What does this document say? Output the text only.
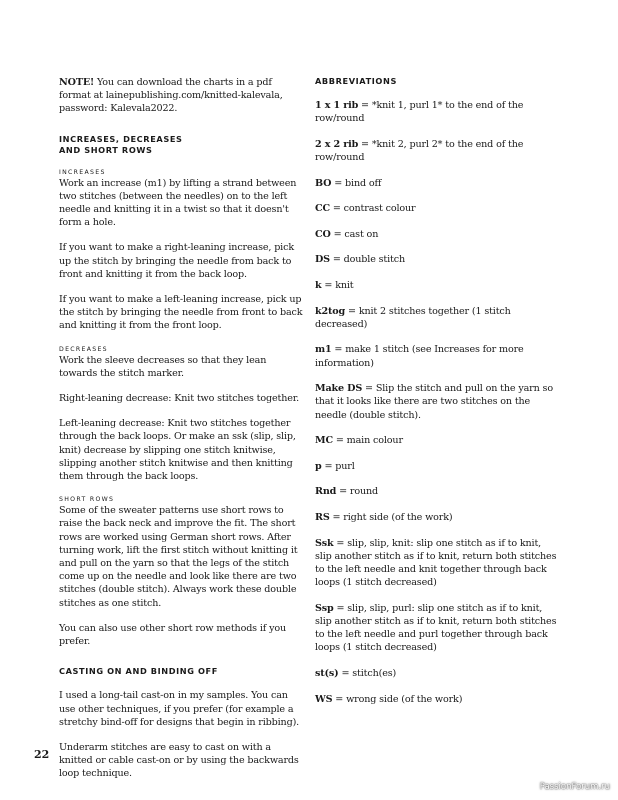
NOTE! You can download the charts in a pdf format at lainepublishing.com/knitted-kalevala, password: Kalevala2022.

INCREASES, DECREASES
AND SHORT ROWS
INCREASES

Work an increase (m1) by lifting a strand between two stitches (between the needles) on to the left needle and knitting it in a twist so that it doesn't form a hole.

If you want to make a right-leaning increase, pick up the stitch by bringing the needle from back to front and knitting it from the back loop.

If you want to make a left-leaning increase, pick up the stitch by bringing the needle from front to back and knitting it from the front loop.

DECREASES

Work the sleeve decreases so that they lean towards the stitch marker.

Right-leaning decrease: Knit two stitches together.

Left-leaning decrease: Knit two stitches together through the back loops. Or make an ssk (slip, slip, knit) decrease by slipping one stitch knitwise,

slipping another stitch knitwise and then knitting them through the back loops.

SHORT ROWS

Some of the sweater patterns use short rows to raise the back neck and improve the fit. The short rows are worked using German short rows. After turning work, lift the first stitch without knitting it and pull on the yarn so that the legs of the stitch come up on the needle and look like there are two stitches (double stitch). Always work these double stitches as one stitch.

You can also use other short row methods if you prefer.

CASTING ON AND BINDING OFF

I used a long-tail cast-on in my samples. You can use other techniques, if you prefer (for example a stretchy bind-off for designs that begin in ribbing).

Underarm stitches are easy to cast on with a knitted or cable cast-on or by using the backwards loop technique.

ABBREVIATIONS

1 x 1 rib = *knit 1, purl 1* to the end of the row/round

2 x 2 rib = *knit 2, purl 2* to the end of the row/round

BO = bind off

CC = contrast colour

CO = cast on

DS = double stitch

k = knit

k2tog = knit 2 stitches together (1 stitch decreased)

m1 = make 1 stitch (see Increases for more information)

Make DS = Slip the stitch and pull on the yarn so that it looks like there are two stitches on the needle (double stitch).

MC = main colour

p = purl

Rnd = round

RS = right side (of the work)

Ssk = slip, slip, knit: slip one stitch as if to knit, slip another stitch as if to knit, return both stitches to the left needle and knit together through back loops (1 stitch decreased)

Ssp = slip, slip, purl: slip one stitch as if to knit, slip another stitch as if to knit, return both stitches to the left needle and purl together through back loops (1 stitch decreased)

st(s) = stitch(es)

WS = wrong side (of the work)

22
PassionForum.ru
